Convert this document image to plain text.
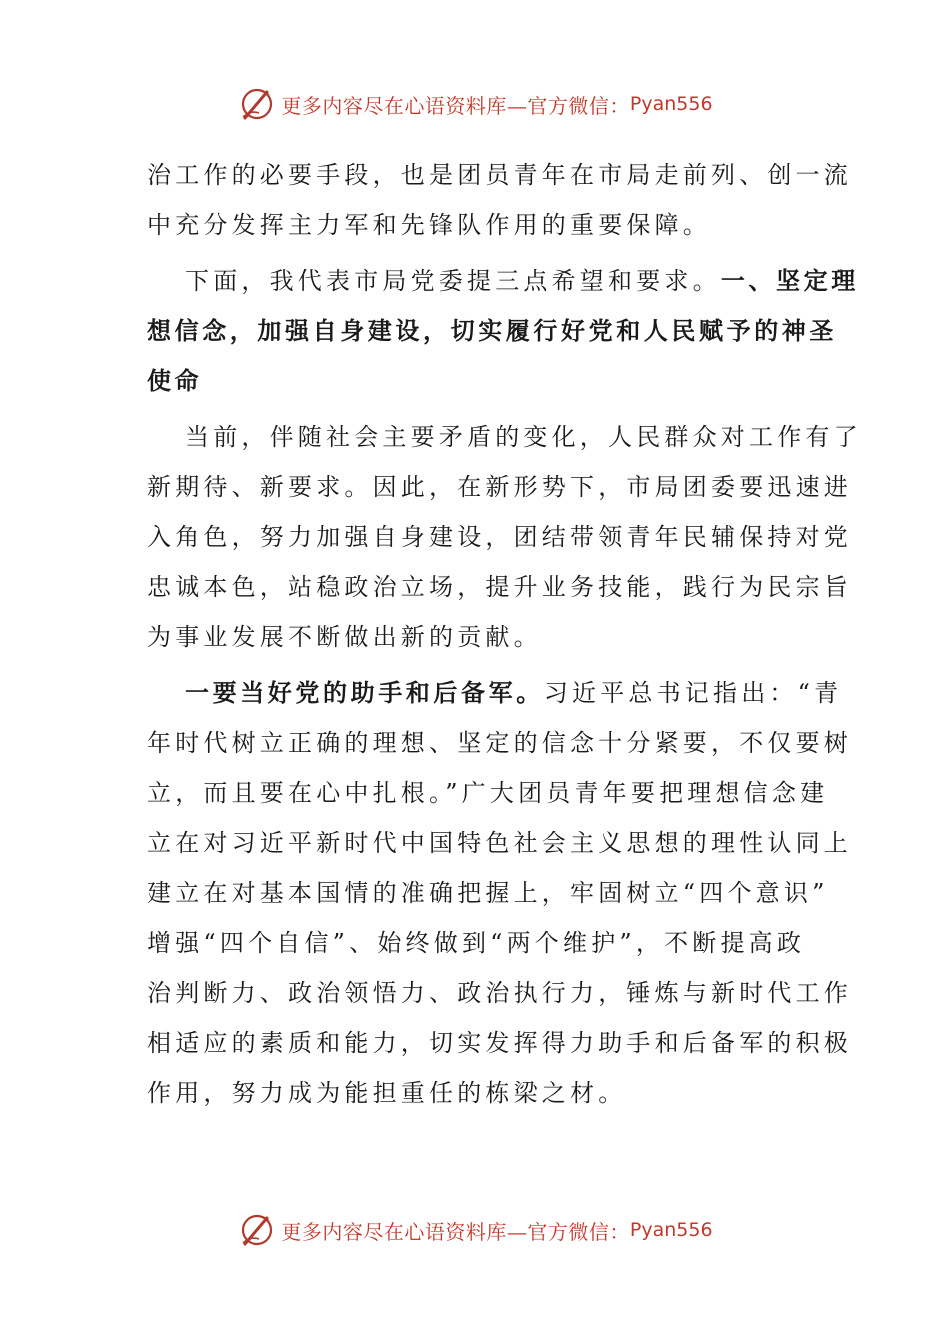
更多内容尽在心语资料库—官方微信： Pyan556
治工作的必要手段，也是团员青年在市局走前列、创一流
中充分发挥主力军和先锋队作用的重要保障。
下面，我代表市局党委提三点希望和要求。一、坚定理
想信念，加强自身建设，切实履行好党和人民赋予的神圣
使命
当前，伴随社会主要矛盾的变化，人民群众对工作有了
新期待、新要求。因此，在新形势下，市局团委要迅速进
入角色，努力加强自身建设，团结带领青年民辅保持对党
忠诚本色，站稳政治立场，提升业务技能，践行为民宗旨
为事业发展不断做出新的贡献。
一要当好党的助手和后备军。习近平总书记指出：“青
年时代树立正确的理想、坚定的信念十分紧要，不仅要树
立，而且要在心中扎根。”广大团员青年要把理想信念建
立在对习近平新时代中国特色社会主义思想的理性认同上
建立在对基本国情的准确把握上，牢固树立“四个意识”
增强“四个自信”、始终做到“两个维护”，不断提高政
治判断力、政治领悟力、政治执行力，锤炼与新时代工作
相适应的素质和能力，切实发挥得力助手和后备军的积极
作用，努力成为能担重任的栋梁之材。
更多内容尽在心语资料库—官方微信： Pyan556
